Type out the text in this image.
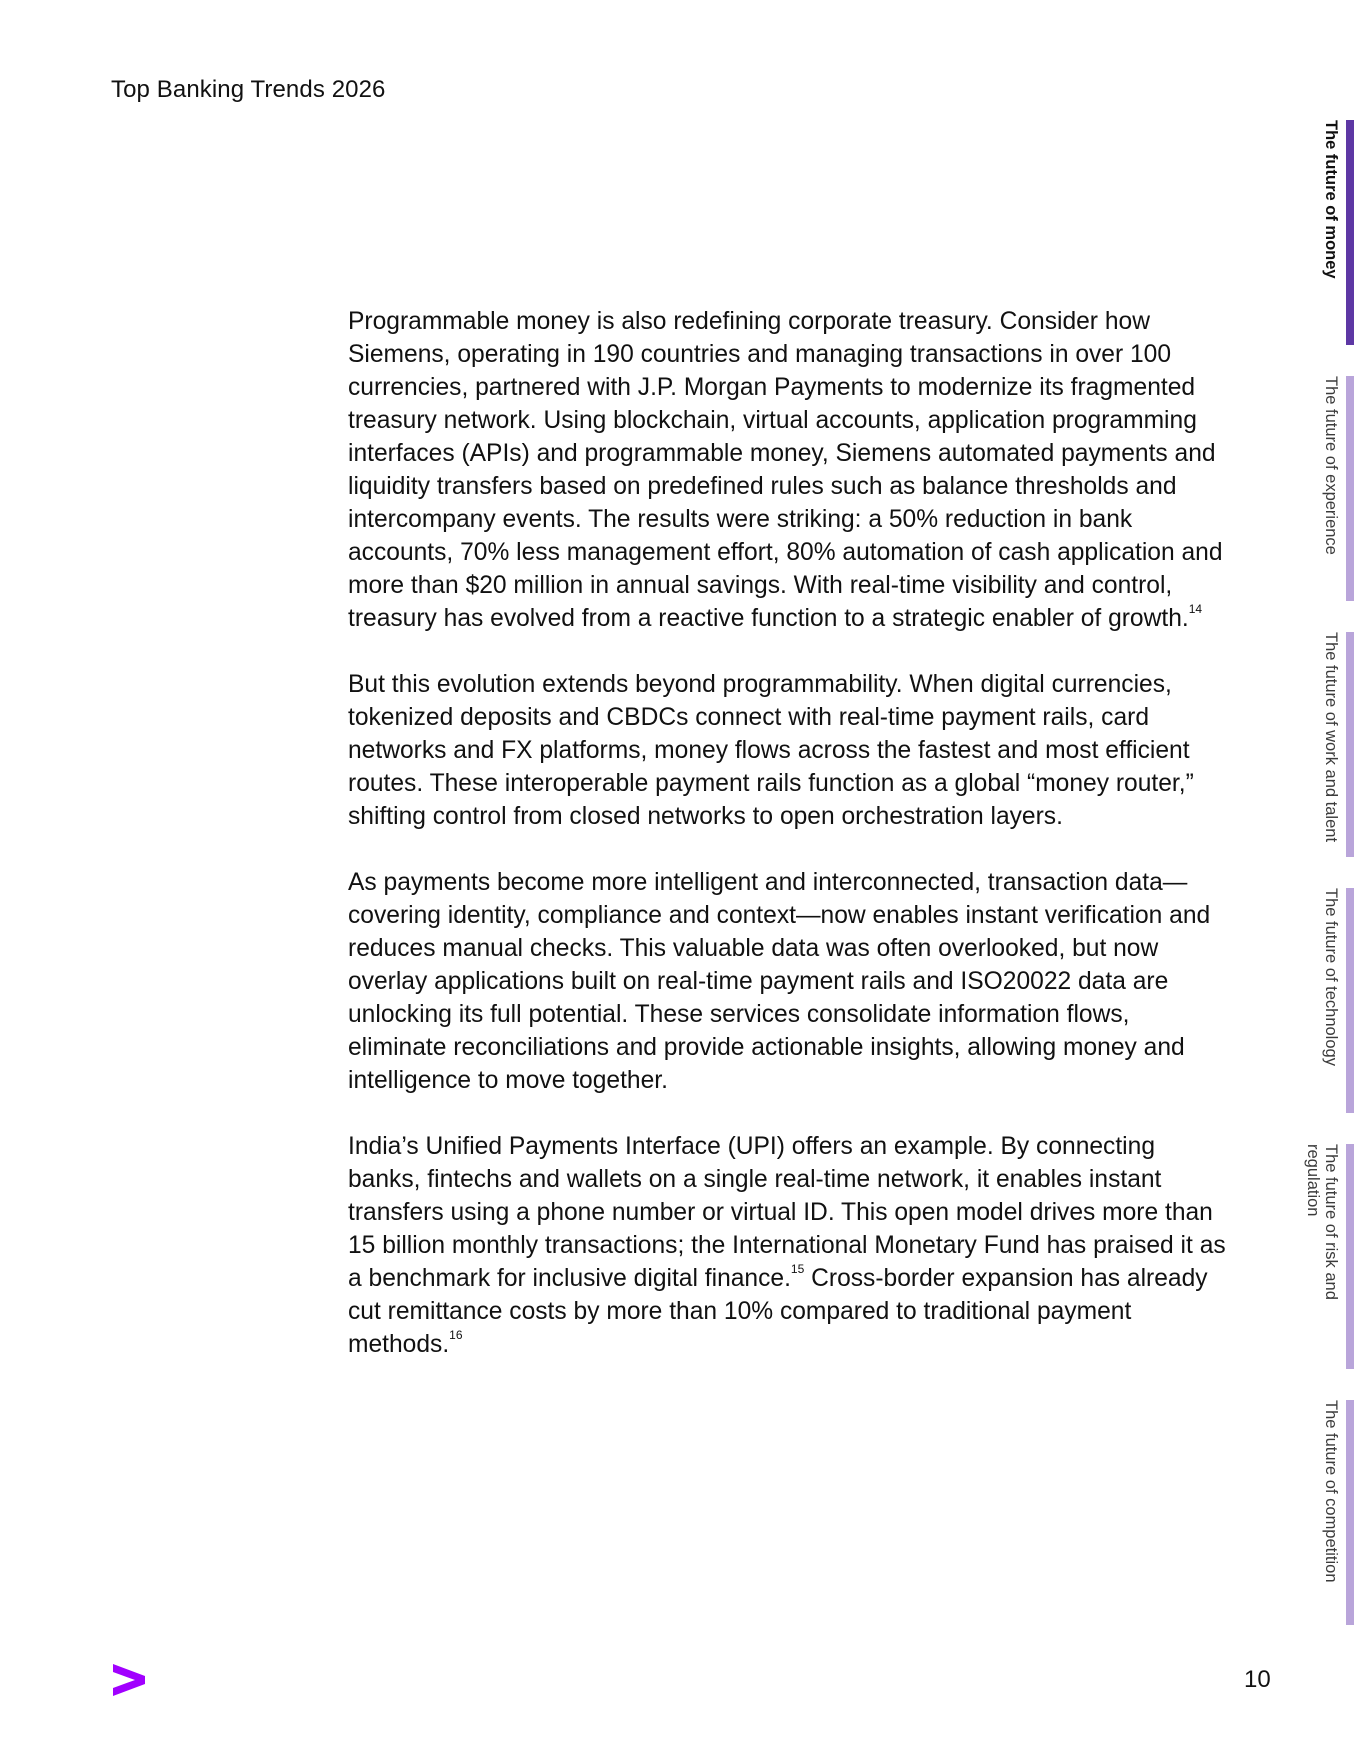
Top Banking Trends 2026

Programmable money is also redefining corporate treasury. Consider how Siemens, operating in 190 countries and managing transactions in over 100 currencies, partnered with J.P. Morgan Payments to modernize its fragmented treasury network. Using blockchain, virtual accounts, application programming interfaces (APIs) and programmable money, Siemens automated payments and liquidity transfers based on predefined rules such as balance thresholds and intercompany events. The results were striking: a 50% reduction in bank accounts, 70% less management effort, 80% automation of cash application and more than $20 million in annual savings. With real-time visibility and control, treasury has evolved from a reactive function to a strategic enabler of growth.$^{14}$

But this evolution extends beyond programmability. When digital currencies, tokenized deposits and CBDCs connect with real-time payment rails, card networks and FX platforms, money flows across the fastest and most efficient routes. These interoperable payment rails function as a global “money router,” shifting control from closed networks to open orchestration layers.

As payments become more intelligent and interconnected, transaction data—covering identity, compliance and context—now enables instant verification and reduces manual checks. This valuable data was often overlooked, but now overlay applications built on real-time payment rails and ISO20022 data are unlocking its full potential. These services consolidate information flows, eliminate reconciliations and provide actionable insights, allowing money and intelligence to move together.

India’s Unified Payments Interface (UPI) offers an example. By connecting banks, fintechs and wallets on a single real-time network, it enables instant transfers using a phone number or virtual ID. This open model drives more than 15 billion monthly transactions; the International Monetary Fund has praised it as a benchmark for inclusive digital finance.$^{15}$ Cross-border expansion has already cut remittance costs by more than 10% compared to traditional payment methods.$^{16}$

The future of money
The future of experience
The future of work and talent
The future of technology
The future of risk and regulation
The future of competition
10
